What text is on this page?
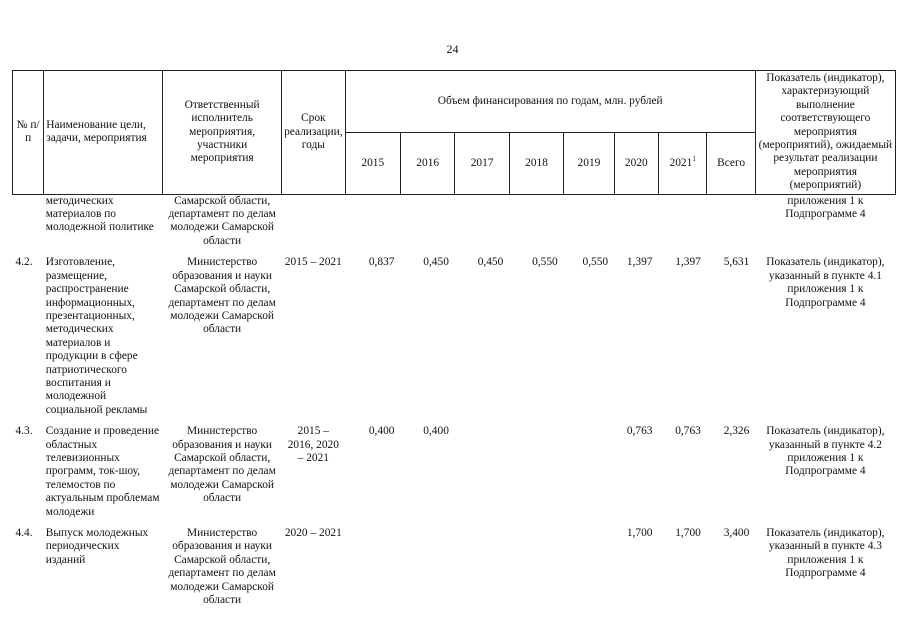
24
№ п/п	Наименование цели, задачи, мероприятия	Ответственный исполнитель мероприятия, участники мероприятия	Срок реализации, годы	Объем финансирования по годам, млн. рублей								Показатель (индикатор), характеризующий выполнение соответствующего мероприятия (мероприятий), ожидаемый результат реализации мероприятия (мероприятий)
				2015	2016	2017	2018	2019	2020	2021$^1$	Всего	
	методических материалов по молодежной политике	Самарской области, департамент по делам молодежи Самарской области										приложения 1 к Подпрограмме 4

4.2.	Изготовление, размещение, распространение информационных, презентационных, методических материалов и продукции в сфере патриотического воспитания и молодежной социальной рекламы	Министерство образования и науки Самарской области, департамент по делам молодежи Самарской области	2015 – 2021	0,837	0,450	0,450	0,550	0,550	1,397	1,397	5,631	Показатель (индикатор), указанный в пункте 4.1 приложения 1 к Подпрограмме 4

4.3.	Создание и проведение областных телевизионных программ, ток-шоу, телемостов по актуальным проблемам молодежи	Министерство образования и науки Самарской области, департамент по делам молодежи Самарской области	2015 – 2016, 2020 – 2021	0,400	0,400				0,763	0,763	2,326	Показатель (индикатор), указанный в пункте 4.2 приложения 1 к Подпрограмме 4

4.4.	Выпуск молодежных периодических изданий	Министерство образования и науки Самарской области, департамент по делам молодежи Самарской области	2020 – 2021						1,700	1,700	3,400	Показатель (индикатор), указанный в пункте 4.3 приложения 1 к Подпрограмме 4
